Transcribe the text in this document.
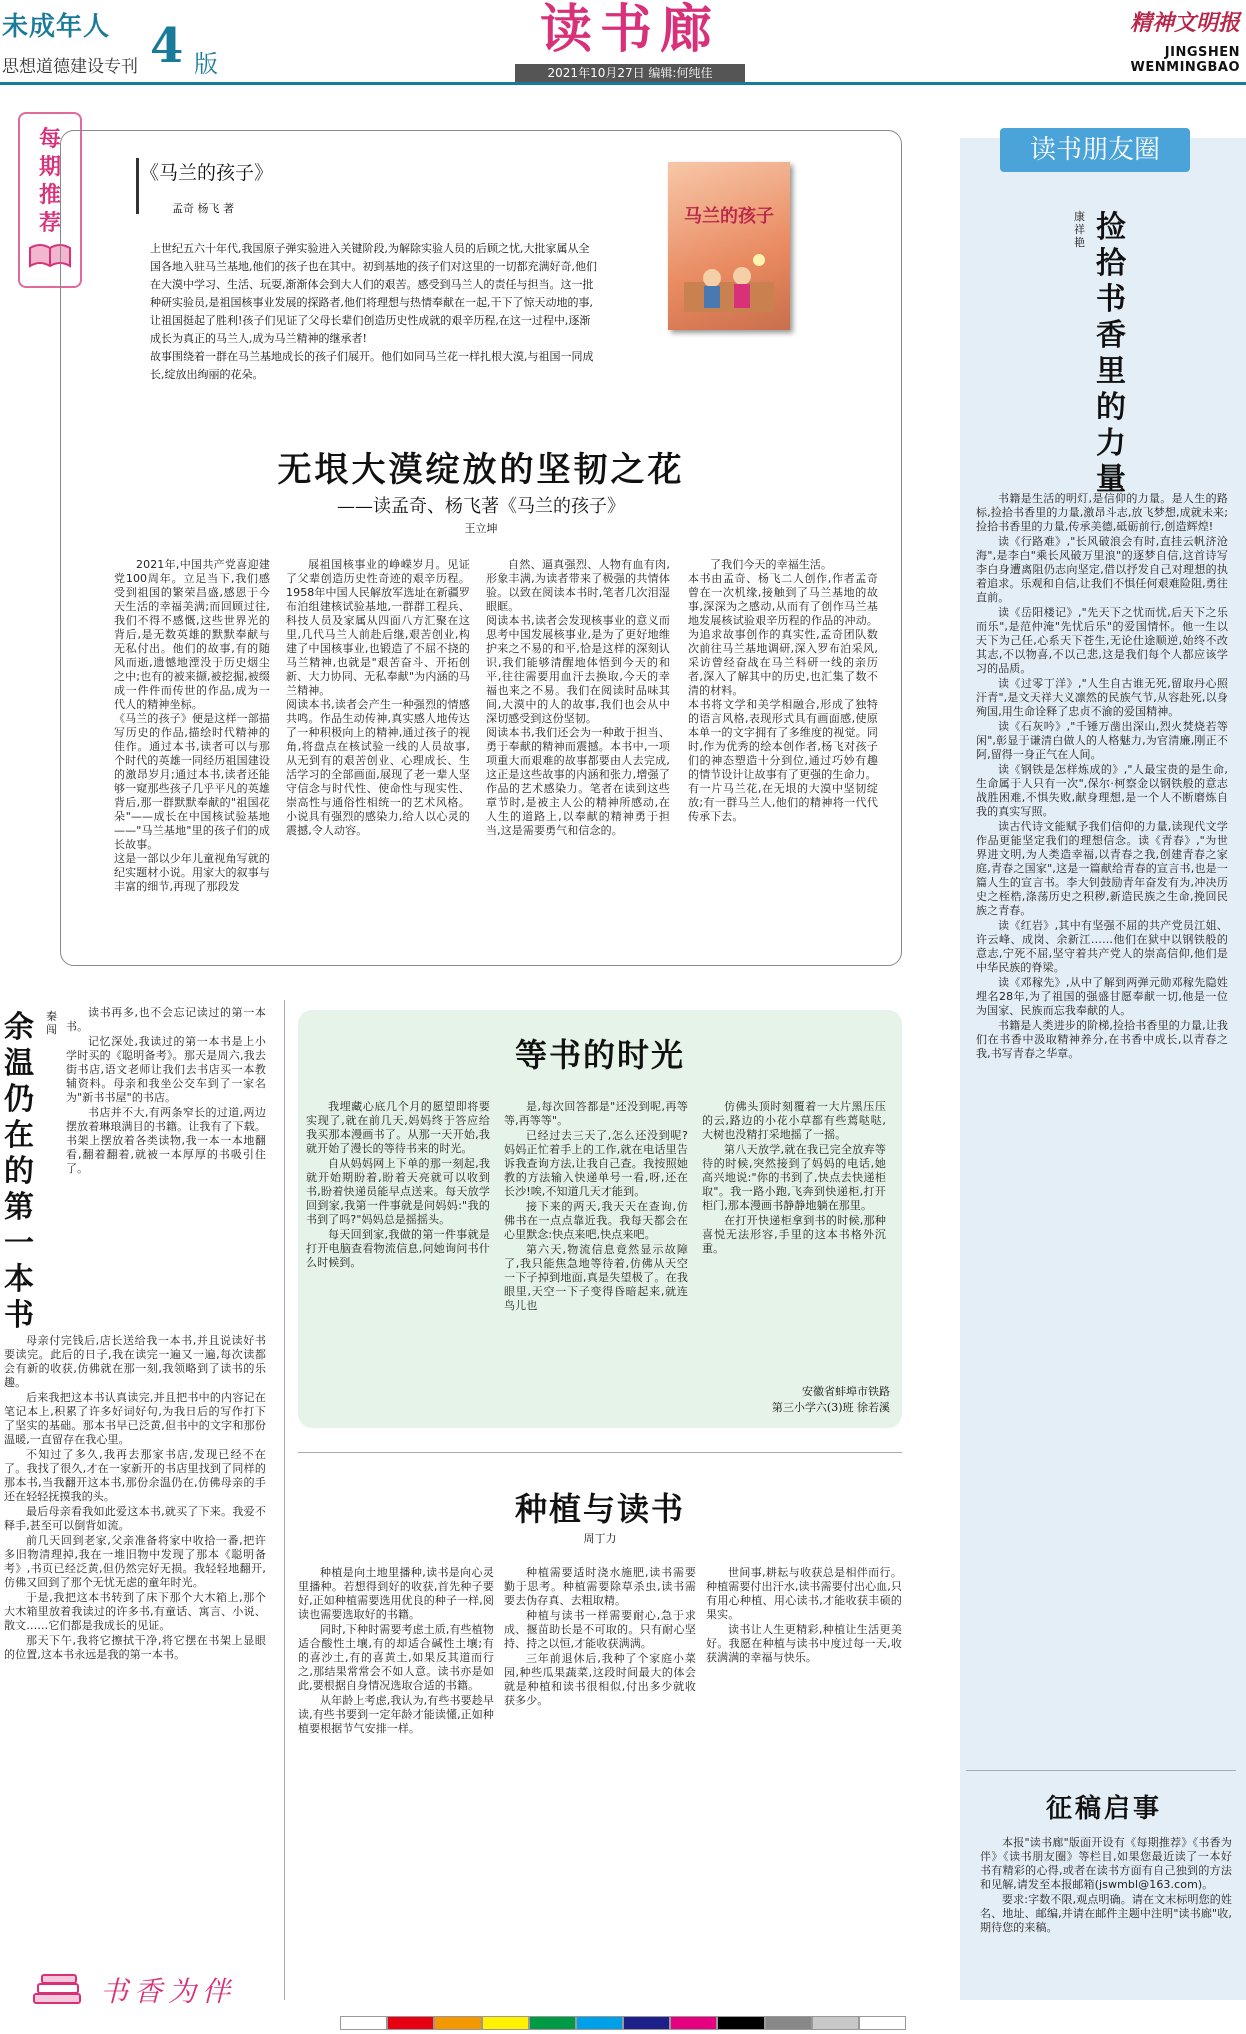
未成年人 4 版
思想道德建设专刊
读书廊
2021年10月27日 编辑:何纯佳
精神文明报
JINGSHEN WENMINGBAO
每
期
推
荐
《马兰的孩子》
孟奇 杨飞 著
上世纪五六十年代,我国原子弹实验进入关键阶段,为解除实验人员的后顾之忧,大批家属从全国各地入驻马兰基地,他们的孩子也在其中。初到基地的孩子们对这里的一切都充满好奇,他们在大漠中学习、生活、玩耍,渐渐体会到大人们的艰苦。感受到马兰人的责任与担当。这一批种研实验员,是祖国核事业发展的探路者,他们将理想与热情奉献在一起,干下了惊天动地的事,让祖国挺起了胜利!孩子们见证了父母长辈们创造历史性成就的艰辛历程,在这一过程中,逐渐成长为真正的马兰人,成为马兰精神的继承者!
故事围绕着一群在马兰基地成长的孩子们展开。他们如同马兰花一样扎根大漠,与祖国一同成长,绽放出绚丽的花朵。
马兰的孩子
无垠大漠绽放的坚韧之花
——读孟奇、杨飞著《马兰的孩子》
王立坤
2021年,中国共产党喜迎建党100周年。立足当下,我们感受到祖国的繁荣昌盛,感恩于今天生活的幸福美满;而回顾过往,我们不得不感慨,这些世界光的背后,是无数英雄的默默奉献与无私付出。他们的故事,有的随风而逝,遗憾地湮没于历史烟尘之中;也有的被来撷,被挖掘,被缀成一件件而传世的作品,成为一代人的精神坐标。
《马兰的孩子》便是这样一部描写历史的作品,描绘时代精神的佳作。通过本书,读者可以与那个时代的英雄一同经历祖国建设的激昂岁月;通过本书,读者还能够一窥那些孩子几乎平凡的英雄背后,那一群默默奉献的"祖国花朵"——成长在中国核试验基地——"马兰基地"里的孩子们的成长故事。
这是一部以少年儿童视角写就的纪实题材小说。用家大的叙事与丰富的细节,再现了那段发
展祖国核事业的峥嵘岁月。见证了父辈创造历史性奇迹的艰辛历程。1958年中国人民解放军选址在新疆罗布泊组建核试验基地,一群群工程兵、科技人员及家属从四面八方汇聚在这里,几代马兰人前赴后继,艰苦创业,构建了中国核事业,也锻造了不屈不挠的马兰精神,也就是"艰苦奋斗、开拓创新、大力协同、无私奉献"为内涵的马兰精神。
阅读本书,读者会产生一种强烈的情感共鸣。作品生动传神,真实感人地传达了一种积极向上的精神,通过孩子的视角,将盘点在核试验一线的人员故事,从无到有的艰苦创业、心理成长、生活学习的全部画面,展现了老一辈人坚守信念与时代性、使命性与现实性、崇高性与通俗性相统一的艺术风格。小说具有强烈的感染力,给人以心灵的震撼,令人动容。
自然、逼真强烈、人物有血有肉,形象丰满,为读者带来了极强的共情体验。以致在阅读本书时,笔者几次泪湿眼眶。
阅读本书,读者会发现核事业的意义而思考中国发展核事业,是为了更好地维护来之不易的和平,恰是这样的深刻认识,我们能够清醒地体悟到今天的和平,往往需要用血汗去换取,今天的幸福也来之不易。我们在阅读时品味其间,大漠中的人的故事,我们也会从中深切感受到这份坚韧。
阅读本书,我们还会为一种敢于担当、勇于奉献的精神而震撼。本书中,一项项重大而艰难的故事都要由人去完成,这正是这些故事的内涵和张力,增强了作品的艺术感染力。笔者在读到这些章节时,是被主人公的精神所感动,在人生的道路上,以奉献的精神勇于担当,这是需要勇气和信念的。
了我们今天的幸福生活。
本书由孟奇、杨飞二人创作,作者孟奇曾在一次机缘,接触到了马兰基地的故事,深深为之感动,从而有了创作马兰基地发展核试验艰辛历程的作品的冲动。为追求故事创作的真实性,孟奇团队数次前往马兰基地调研,深入罗布泊采风,采访曾经奋战在马兰科研一线的亲历者,深入了解其中的历史,也汇集了数不清的材料。
本书将文学和美学相融合,形成了独特的语言风格,表现形式具有画面感,使原本单一的文字拥有了多维度的视觉。同时,作为优秀的绘本创作者,杨飞对孩子们的神态塑造十分到位,通过巧妙有趣的情节设计让故事有了更强的生命力。
有一片马兰花,在无垠的大漠中坚韧绽放;有一群马兰人,他们的精神将一代代传承下去。
读书朋友圈
康祥艳 捡拾书香里的力量

书籍是生活的明灯,是信仰的力量。是人生的路标,捡拾书香里的力量,激昂斗志,放飞梦想,成就未来;捡拾书香里的力量,传承美德,砥砺前行,创造辉煌!

读《行路难》,"长风破浪会有时,直挂云帆济沧海",是李白"乘长风破万里浪"的逐梦自信,这首诗写李白身遭离阻仍志向坚定,借以抒发自己对理想的执着追求。乐观和自信,让我们不惧任何艰难险阻,勇往直前。

读《岳阳楼记》,"先天下之忧而忧,后天下之乐而乐",是范仲淹"先忧后乐"的爱国情怀。他一生以天下为己任,心系天下苍生,无论仕途顺逆,始终不改其志,不以物喜,不以己悲,这是我们每个人都应该学习的品质。

读《过零丁洋》,"人生自古谁无死,留取丹心照汗青",是文天祥大义凛然的民族气节,从容赴死,以身殉国,用生命诠释了忠贞不渝的爱国精神。

读《石灰吟》,"千锤万凿出深山,烈火焚烧若等闲",彰显于谦清白做人的人格魅力,为官清廉,刚正不阿,留得一身正气在人间。

读《钢铁是怎样炼成的》,"人最宝贵的是生命,生命属于人只有一次",保尔·柯察金以钢铁般的意志战胜困难,不惧失败,献身理想,是一个人不断磨炼自我的真实写照。

读古代诗文能赋予我们信仰的力量,读现代文学作品更能坚定我们的理想信念。读《青春》,"为世界进文明,为人类造幸福,以青春之我,创建青春之家庭,青春之国家",这是一篇献给青春的宣言书,也是一篇人生的宣言书。李大钊鼓励青年奋发有为,冲决历史之桎梏,涤荡历史之积秽,新造民族之生命,挽回民族之青春。

读《红岩》,其中有坚强不屈的共产党员江姐、许云峰、成岗、余新江……他们在狱中以钢铁般的意志,宁死不屈,坚守着共产党人的崇高信仰,他们是中华民族的脊梁。

读《邓稼先》,从中了解到两弹元勋邓稼先隐姓埋名28年,为了祖国的强盛甘愿奉献一切,他是一位为国家、民族而忘我奉献的人。

书籍是人类进步的阶梯,捡拾书香里的力量,让我们在书香中汲取精神养分,在书香中成长,以青春之我,书写青春之华章。

征稿启事

本报"读书廊"版面开设有《每期推荐》《书香为伴》《读书朋友圈》等栏目,如果您最近读了一本好书有精彩的心得,或者在读书方面有自己独到的方法和见解,请发至本报邮箱(jswmbl@163.com)。

要求:字数不限,观点明确。请在文末标明您的姓名、地址、邮编,并请在邮件主题中注明"读书廊"收,期待您的来稿。

秦闯
余温仍在的第一本书

读书再多,也不会忘记读过的第一本书。

记忆深处,我读过的第一本书是上小学时买的《聪明备考》。那天是周六,我去街书店,语文老师让我们去书店买一本教辅资料。母亲和我坐公交车到了一家名为"新书书屋"的书店。

书店并不大,有两条窄长的过道,两边摆放着琳琅满目的书籍。让我有了下载。书架上摆放着各类读物,我一本一本地翻看,翻着翻着,就被一本厚厚的书吸引住了。

母亲付完钱后,店长送给我一本书,并且说读好书要读完。此后的日子,我在读完一遍又一遍,每次读都会有新的收获,仿佛就在那一刻,我领略到了读书的乐趣。

后来我把这本书认真读完,并且把书中的内容记在笔记本上,积累了许多好词好句,为我日后的写作打下了坚实的基础。那本书早已泛黄,但书中的文字和那份温暖,一直留存在我心里。

不知过了多久,我再去那家书店,发现已经不在了。我找了很久,才在一家新开的书店里找到了同样的那本书,当我翻开这本书,那份余温仍在,仿佛母亲的手还在轻轻抚摸我的头。

最后母亲看我如此爱这本书,就买了下来。我爱不释手,甚至可以倒背如流。

前几天回到老家,父亲准备将家中收拾一番,把许多旧物清理掉,我在一堆旧物中发现了那本《聪明备考》,书页已经泛黄,但仍然完好无损。我轻轻地翻开,仿佛又回到了那个无忧无虑的童年时光。

于是,我把这本书转到了床下那个大木箱上,那个大木箱里放着我读过的许多书,有童话、寓言、小说、散文……它们都是我成长的见证。

那天下午,我将它擦拭干净,将它摆在书架上显眼的位置,这本书永远是我的第一本书。

书香为伴
等书的时光

我埋藏心底几个月的愿望即将要实现了,就在前几天,妈妈终于答应给我买那本漫画书了。从那一天开始,我就开始了漫长的等待书来的时光。

自从妈妈网上下单的那一刻起,我就开始期盼着,盼着天亮就可以收到书,盼着快递员能早点送来。每天放学回到家,我第一件事就是问妈妈:"我的书到了吗?"妈妈总是摇摇头。

每天回到家,我做的第一件事就是打开电脑查看物流信息,问她询问书什么时候到。

是,每次回答都是"还没到呢,再等等,再等等"。

已经过去三天了,怎么还没到呢?妈妈正忙着手上的工作,就在电话里告诉我查询方法,让我自己查。我按照她教的方法输入快递单号一看,呀,还在长沙!唉,不知道几天才能到。

接下来的两天,我天天在查询,仿佛书在一点点靠近我。我每天都会在心里默念:快点来吧,快点来吧。

第六天,物流信息竟然显示故障了,我只能焦急地等待着,仿佛从天空一下子掉到地面,真是失望极了。在我眼里,天空一下子变得昏暗起来,就连鸟儿也

仿佛头顶时刻覆着一大片黑压压的云,路边的小花小草都有些蔫哒哒,大树也没精打采地摇了一摇。

第八天放学,就在我已完全放弃等待的时候,突然接到了妈妈的电话,她高兴地说:"你的书到了,快点去快递柜取"。我一路小跑,飞奔到快递柜,打开柜门,那本漫画书静静地躺在那里。

在打开快递柜拿到书的时候,那种喜悦无法形容,手里的这本书格外沉重。

安徽省蚌埠市铁路
第三小学六(3)班 徐若溪
种植与读书
周丁力

种植是向土地里播种,读书是向心灵里播种。若想得到好的收获,首先种子要好,正如种植需要选用优良的种子一样,阅读也需要选取好的书籍。

同时,下种时需要考虑土质,有些植物适合酸性土壤,有的却适合碱性土壤;有的喜沙土,有的喜黄土,如果反其道而行之,那结果常常会不如人意。读书亦是如此,要根据自身情况选取合适的书籍。

从年龄上考虑,我认为,有些书要趁早读,有些书要到一定年龄才能读懂,正如种植要根据节气安排一样。

种植需要适时浇水施肥,读书需要勤于思考。种植需要除草杀虫,读书需要去伪存真、去粗取精。

种植与读书一样需要耐心,急于求成、揠苗助长是不可取的。只有耐心坚持、持之以恒,才能收获满满。

三年前退休后,我种了个家庭小菜园,种些瓜果蔬菜,这段时间最大的体会就是种植和读书很相似,付出多少就收获多少。

世间事,耕耘与收获总是相伴而行。种植需要付出汗水,读书需要付出心血,只有用心种植、用心读书,才能收获丰硕的果实。

读书让人生更精彩,种植让生活更美好。我愿在种植与读书中度过每一天,收获满满的幸福与快乐。
